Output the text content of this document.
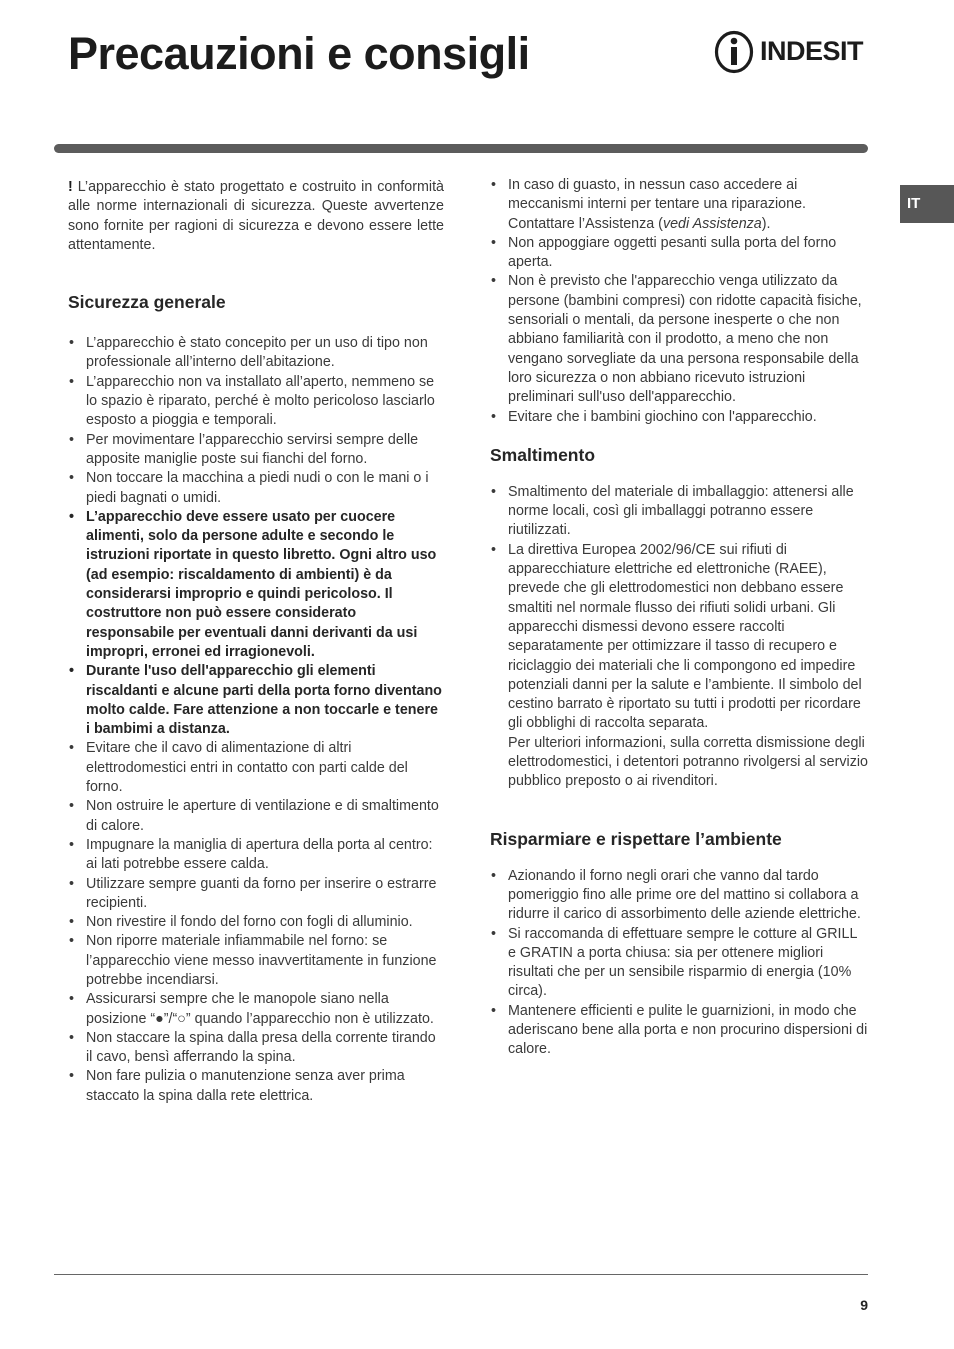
Precauzioni e consigli	INDESIT
IT

! L’apparecchio è stato progettato e costruito in conformità alle norme internazionali di sicurezza. Queste avvertenze sono fornite per ragioni di sicurezza e devono essere lette attentamente.

Sicurezza generale
• L’apparecchio è stato concepito per un uso di tipo non professionale all’interno dell’abitazione.
• L’apparecchio non va installato all’aperto, nemmeno se lo spazio è riparato, perché è molto pericoloso lasciarlo esposto a pioggia e temporali.
• Per movimentare l’apparecchio servirsi sempre delle apposite maniglie poste sui fianchi del forno.
• Non toccare la macchina a piedi nudi o con le mani o i piedi bagnati o umidi.
• L’apparecchio deve essere usato per cuocere alimenti, solo da persone adulte e secondo le istruzioni riportate in questo libretto. Ogni altro uso (ad esempio: riscaldamento di ambienti) è da considerarsi improprio e quindi pericoloso. Il costruttore non può essere considerato responsabile per eventuali danni derivanti da usi impropri, erronei ed irragionevoli.
• Durante l'uso dell'apparecchio gli elementi riscaldanti e alcune parti della porta forno diventano molto calde. Fare attenzione a non toccarle e tenere i bambimi a distanza.
• Evitare che il cavo di alimentazione di altri elettrodomestici entri in contatto con parti calde del forno.
• Non ostruire le aperture di ventilazione e di smaltimento di calore.
• Impugnare la maniglia di apertura della porta al centro: ai lati potrebbe essere calda.
• Utilizzare sempre guanti da forno per inserire o estrarre recipienti.
• Non rivestire il fondo del forno con fogli di alluminio.
• Non riporre materiale infiammabile nel forno: se l’apparecchio viene messo inavvertitamente in funzione potrebbe incendiarsi.
• Assicurarsi sempre che le manopole siano nella posizione “●”/“○” quando l’apparecchio non è utilizzato.
• Non staccare la spina dalla presa della corrente tirando il cavo, bensì afferrando la spina.
• Non fare pulizia o manutenzione senza aver prima staccato la spina dalla rete elettrica.
• In caso di guasto, in nessun caso accedere ai meccanismi interni per tentare una riparazione. Contattare l’Assistenza (vedi Assistenza).
• Non appoggiare oggetti pesanti sulla porta del forno aperta.
• Non è previsto che l'apparecchio venga utilizzato da persone (bambini compresi) con ridotte capacità fisiche, sensoriali o mentali, da persone inesperte o che non abbiano familiarità con il prodotto, a meno che non vengano sorvegliate da una persona responsabile della loro sicurezza o non abbiano ricevuto istruzioni preliminari sull'uso dell'apparecchio.
• Evitare che i bambini giochino con l'apparecchio.
Smaltimento
• Smaltimento del materiale di imballaggio: attenersi alle norme locali, così gli imballaggi potranno essere riutilizzati.
• La direttiva Europea 2002/96/CE sui rifiuti di apparecchiature elettriche ed elettroniche (RAEE), prevede che gli elettrodomestici non debbano essere smaltiti nel normale flusso dei rifiuti solidi urbani. Gli apparecchi dismessi devono essere raccolti separatamente per ottimizzare il tasso di recupero e riciclaggio dei materiali che li compongono ed impedire potenziali danni per la salute e l’ambiente. Il simbolo del cestino barrato è riportato su tutti i prodotti per ricordare gli obblighi di raccolta separata.

Per ulteriori informazioni, sulla corretta dismissione degli elettrodomestici, i detentori potranno rivolgersi al servizio pubblico preposto o ai rivenditori.

Risparmiare e rispettare l’ambiente
• Azionando il forno negli orari che vanno dal tardo pomeriggio fino alle prime ore del mattino si collabora a ridurre il carico di assorbimento delle aziende elettriche.
• Si raccomanda di effettuare sempre le cotture al GRILL e GRATIN a porta chiusa: sia per ottenere migliori risultati che per un sensibile risparmio di energia (10% circa).
• Mantenere efficienti e pulite le guarnizioni, in modo che aderiscano bene alla porta e non procurino dispersioni di calore.
9
